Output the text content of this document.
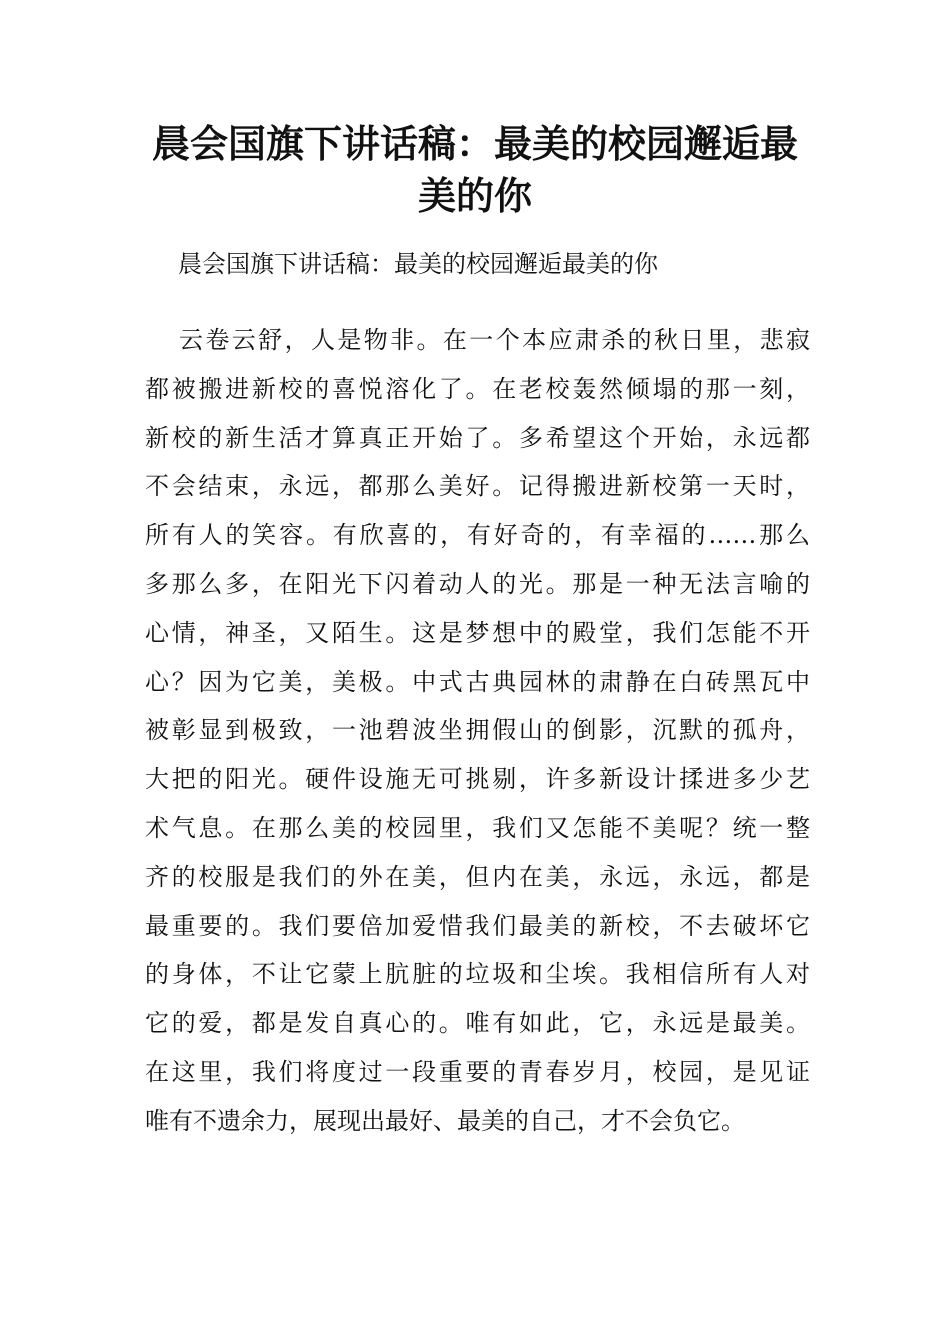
晨会国旗下讲话稿：最美的校园邂逅最美的你

晨会国旗下讲话稿：最美的校园邂逅最美的你

云卷云舒，人是物非。在一个本应肃杀的秋日里，悲寂
都被搬进新校的喜悦溶化了。在老校轰然倾塌的那一刻，
新校的新生活才算真正开始了。多希望这个开始，永远都
不会结束，永远，都那么美好。记得搬进新校第一天时，
所有人的笑容。有欣喜的，有好奇的，有幸福的……那么
多那么多，在阳光下闪着动人的光。那是一种无法言喻的
心情，神圣，又陌生。这是梦想中的殿堂，我们怎能不开
心？因为它美，美极。中式古典园林的肃静在白砖黑瓦中
被彰显到极致，一池碧波坐拥假山的倒影，沉默的孤舟，
大把的阳光。硬件设施无可挑剔，许多新设计揉进多少艺
术气息。在那么美的校园里，我们又怎能不美呢？统一整
齐的校服是我们的外在美，但内在美，永远，永远，都是
最重要的。我们要倍加爱惜我们最美的新校，不去破坏它
的身体，不让它蒙上肮脏的垃圾和尘埃。我相信所有人对
它的爱，都是发自真心的。唯有如此，它，永远是最美。
在这里，我们将度过一段重要的青春岁月，校园，是见证
唯有不遗余力，展现出最好、最美的自己，才不会负它。
